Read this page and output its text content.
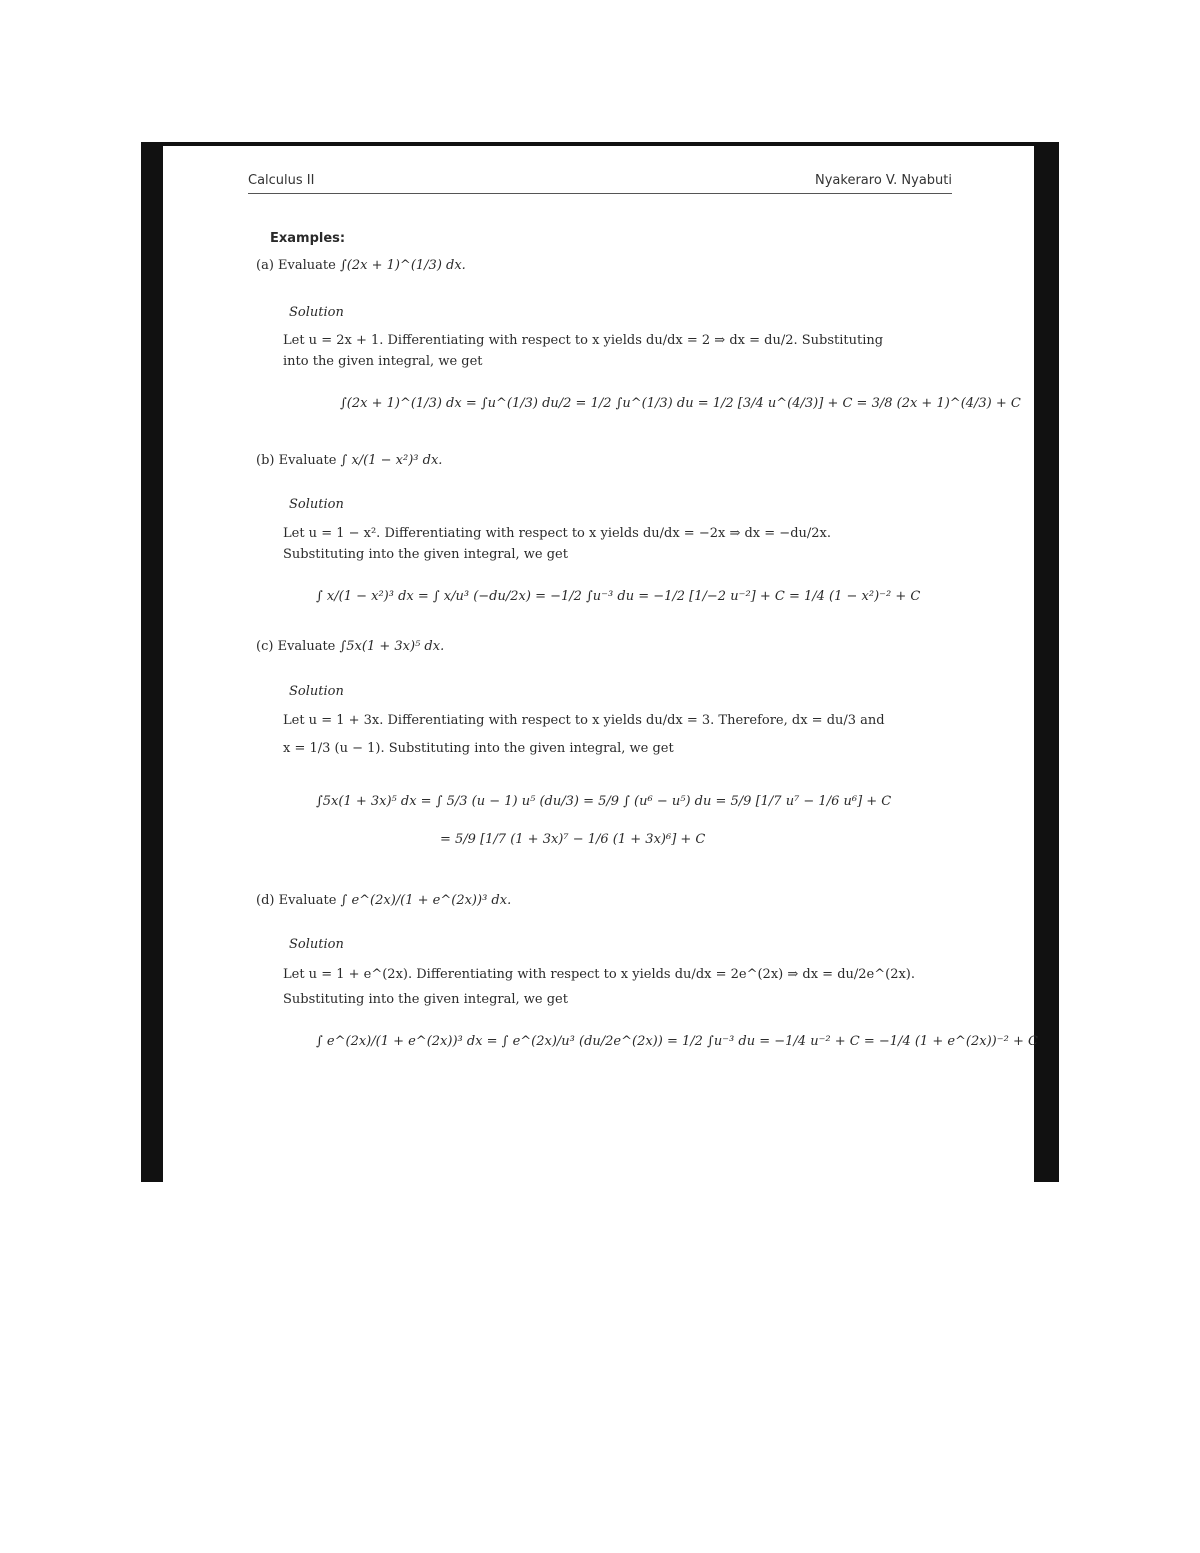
Calculus II	Nyakeraro V. Nyabuti
Examples:
(a) Evaluate ∫(2x + 1)^(1/3) dx.
Solution
Let u = 2x + 1. Differentiating with respect to x yields du/dx = 2 ⇒ dx = du/2. Substituting
into the given integral, we get
∫(2x + 1)^(1/3) dx = ∫u^(1/3) du/2 = 1/2 ∫u^(1/3) du = 1/2 [3/4 u^(4/3)] + C = 3/8 (2x + 1)^(4/3) + C
(b) Evaluate ∫ x/(1 − x²)³ dx.
Solution
Let u = 1 − x². Differentiating with respect to x yields du/dx = −2x ⇒ dx = −du/2x.
Substituting into the given integral, we get
∫ x/(1 − x²)³ dx = ∫ x/u³ (−du/2x) = −1/2 ∫u⁻³ du = −1/2 [1/−2 u⁻²] + C = 1/4 (1 − x²)⁻² + C
(c) Evaluate ∫5x(1 + 3x)⁵ dx.
Solution
Let u = 1 + 3x. Differentiating with respect to x yields du/dx = 3. Therefore, dx = du/3 and
x = 1/3 (u − 1). Substituting into the given integral, we get
∫5x(1 + 3x)⁵ dx = ∫ 5/3 (u − 1) u⁵ (du/3) = 5/9 ∫ (u⁶ − u⁵) du = 5/9 [1/7 u⁷ − 1/6 u⁶] + C
= 5/9 [1/7 (1 + 3x)⁷ − 1/6 (1 + 3x)⁶] + C
(d) Evaluate ∫ e^(2x)/(1 + e^(2x))³ dx.
Solution
Let u = 1 + e^(2x). Differentiating with respect to x yields du/dx = 2e^(2x) ⇒ dx = du/2e^(2x).
Substituting into the given integral, we get
∫ e^(2x)/(1 + e^(2x))³ dx = ∫ e^(2x)/u³ (du/2e^(2x)) = 1/2 ∫u⁻³ du = −1/4 u⁻² + C = −1/4 (1 + e^(2x))⁻² + C
